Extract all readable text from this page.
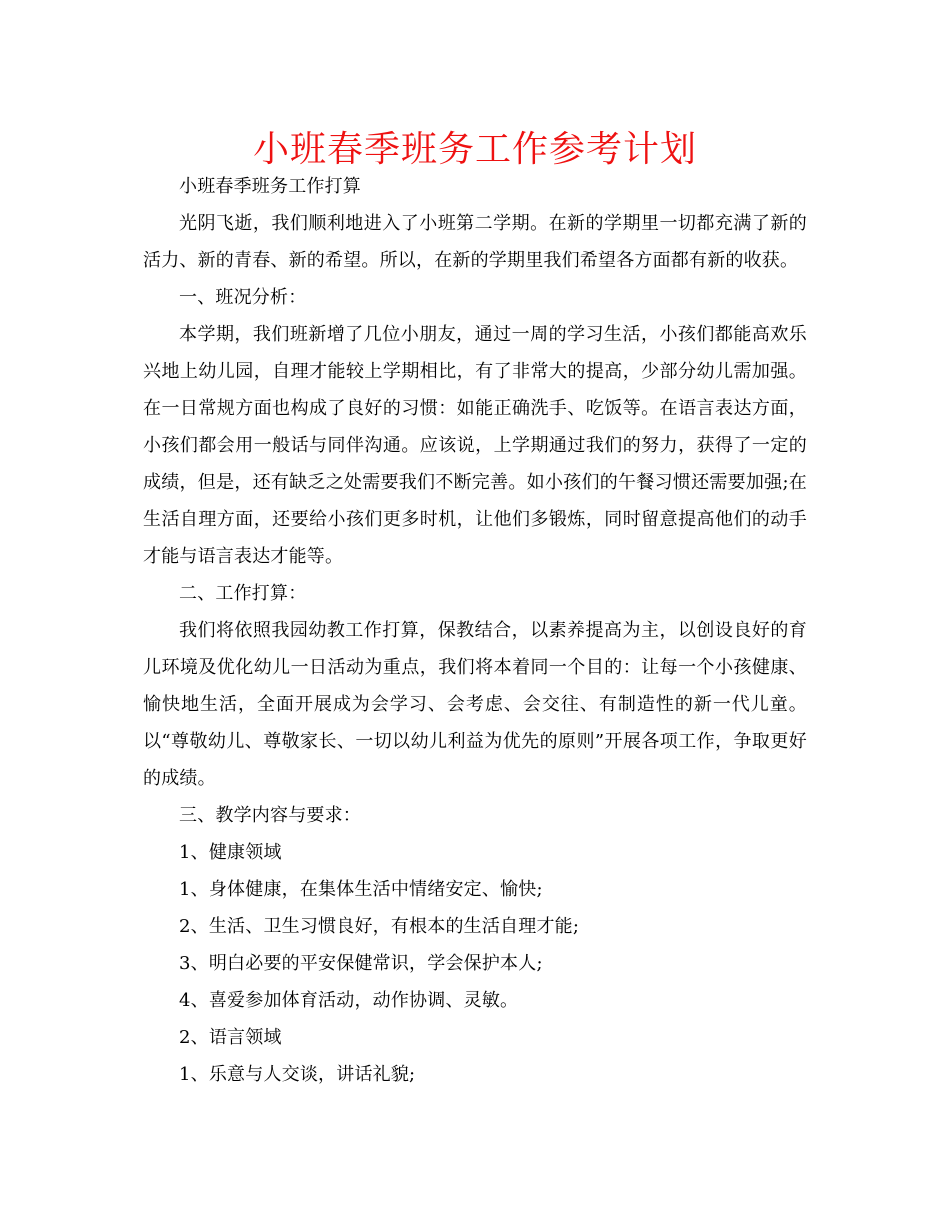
小班春季班务工作参考计划

小班春季班务工作打算

光阴飞逝，我们顺利地进入了小班第二学期。在新的学期里一切都充满了新的活力、新的青春、新的希望。所以，在新的学期里我们希望各方面都有新的收获。

一、班况分析：

本学期，我们班新增了几位小朋友，通过一周的学习生活，小孩们都能高欢乐兴地上幼儿园，自理才能较上学期相比，有了非常大的提高，少部分幼儿需加强。在一日常规方面也构成了良好的习惯：如能正确洗手、吃饭等。在语言表达方面，小孩们都会用一般话与同伴沟通。应该说，上学期通过我们的努力，获得了一定的成绩，但是，还有缺乏之处需要我们不断完善。如小孩们的午餐习惯还需要加强;在生活自理方面，还要给小孩们更多时机，让他们多锻炼，同时留意提高他们的动手才能与语言表达才能等。

二、工作打算：

我们将依照我园幼教工作打算，保教结合，以素养提高为主，以创设良好的育儿环境及优化幼儿一日活动为重点，我们将本着同一个目的：让每一个小孩健康、愉快地生活，全面开展成为会学习、会考虑、会交往、有制造性的新一代儿童。以“尊敬幼儿、尊敬家长、一切以幼儿利益为优先的原则”开展各项工作，争取更好的成绩。

三、教学内容与要求：

1、健康领域

1、身体健康，在集体生活中情绪安定、愉快;

2、生活、卫生习惯良好，有根本的生活自理才能;

3、明白必要的平安保健常识，学会保护本人;

4、喜爱参加体育活动，动作协调、灵敏。

2、语言领域

1、乐意与人交谈，讲话礼貌;
